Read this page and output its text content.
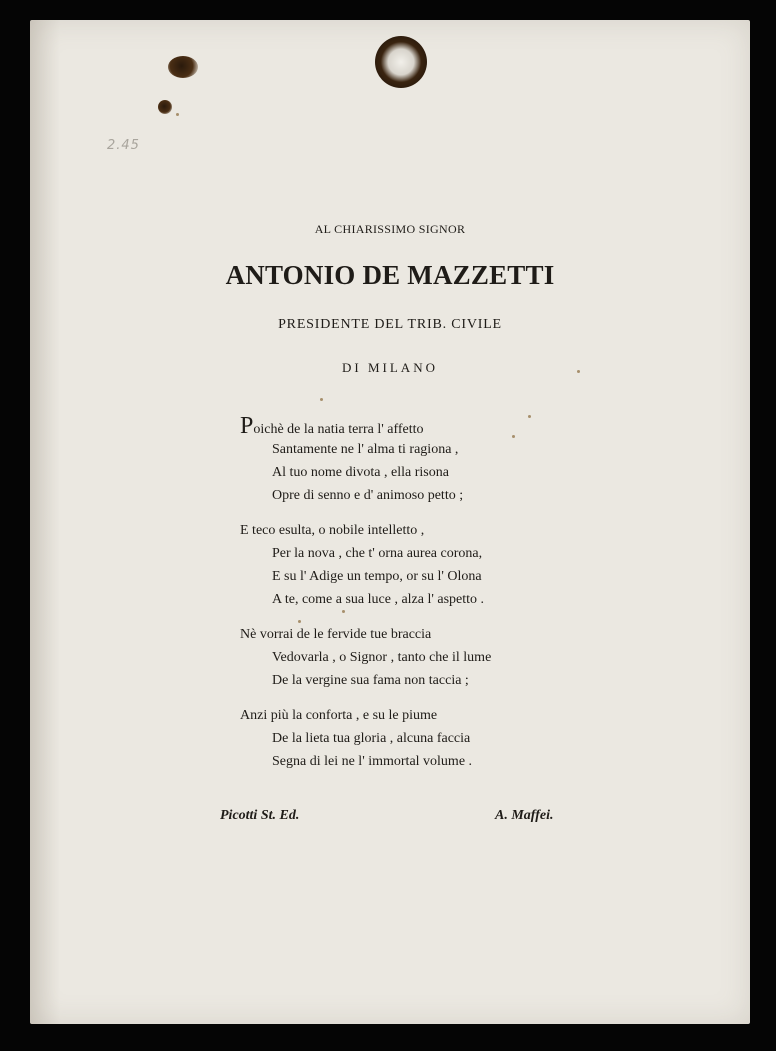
2.45
AL CHIARISSIMO SIGNOR
ANTONIO DE MAZZETTI
PRESIDENTE DEL TRIB. CIVILE
DI MILANO
Poichè de la natia terra l' affetto
Santamente ne l' alma ti ragiona ,
Al tuo nome divota , ella risona
Opre di senno e d' animoso petto ;
E teco esulta, o nobile intelletto ,
Per la nova , che t' orna aurea corona,
E su l' Adige un tempo, or su l' Olona
A te, come a sua luce , alza l' aspetto .
Nè vorrai de le fervide tue braccia
Vedovarla , o Signor , tanto che il lume
De la vergine sua fama non taccia ;
Anzi più la conforta , e su le piume
De la lieta tua gloria , alcuna faccia
Segna di lei ne l' immortal volume .
Picotti St. Ed.	A. Maffei.
